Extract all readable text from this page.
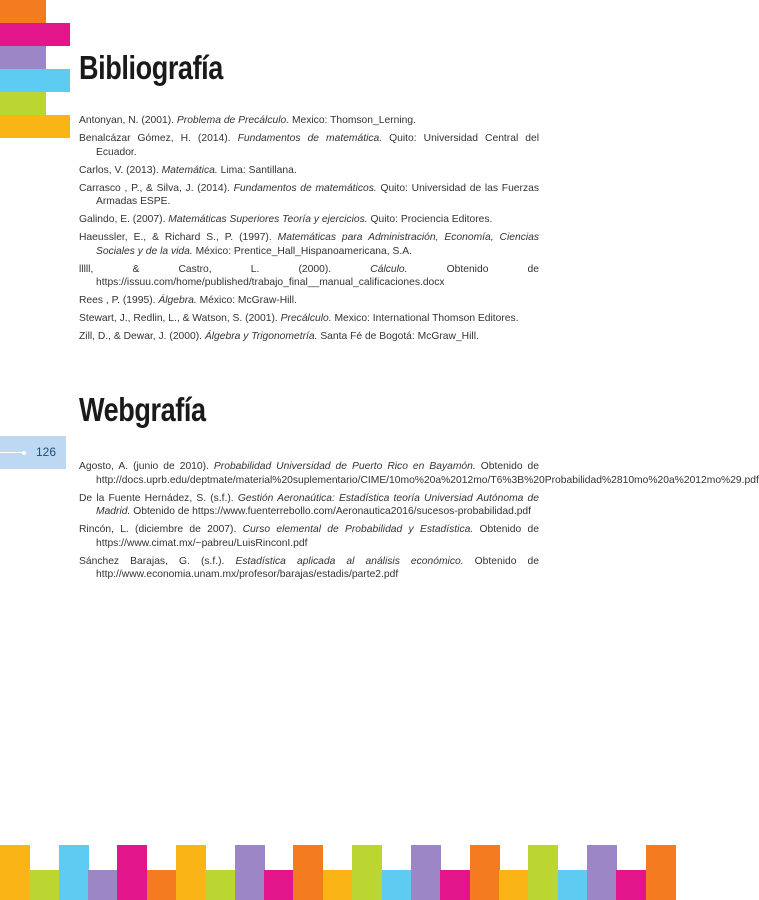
Bibliografía
Antonyan, N. (2001). Problema de Precálculo. Mexico: Thomson_Lerning.
Benalcázar Gómez, H. (2014). Fundamentos de matemática. Quito: Universidad Central del Ecuador.
Carlos, V. (2013). Matemática. Lima: Santillana.
Carrasco , P., & Silva, J. (2014). Fundamentos de matemáticos. Quito: Universidad de las Fuerzas Armadas ESPE.
Galindo, E. (2007). Matemáticas Superiores Teoría y ejercicios. Quito: Prociencia Editores.
Haeussler, E., & Richard S., P. (1997). Matemáticas para Administración, Economía, Ciencias Sociales y de la vida. México: Prentice_Hall_Hispanoamericana, S.A.
lllll, & Castro, L. (2000). Cálculo. Obtenido de https://issuu.com/home/published/trabajo_final__manual_calificaciones.docx
Rees , P. (1995). Álgebra. México: McGraw-Hill.
Stewart, J., Redlin, L., & Watson, S. (2001). Precálculo. Mexico: International Thomson Editores.
Zill, D., & Dewar, J. (2000). Álgebra y Trigonometría. Santa Fé de Bogotá: McGraw_Hill.
Webgrafía
Agosto, A. (junio de 2010). Probabilidad Universidad de Puerto Rico en Bayamón. Obtenido de http://docs.uprb.edu/deptmate/material%20suplementario/CIME/10mo%20a%2012mo/T6%3B%20Probabilidad%2810mo%20a%2012mo%29.pdf
De la Fuente Hernádez, S. (s.f.). Gestión Aeronaútica: Estadística teoría Universiad Autónoma de Madrid. Obtenido de https://www.fuenterrebollo.com/Aeronautica2016/sucesos-probabilidad.pdf
Rincón, L. (diciembre de 2007). Curso elemental de Probabilidad y Estadística. Obtenido de https://www.cimat.mx/~pabreu/LuisRinconI.pdf
Sánchez Barajas, G. (s.f.). Estadística aplicada al análisis económico. Obtenido de http://www.economia.unam.mx/profesor/barajas/estadis/parte2.pdf
126
